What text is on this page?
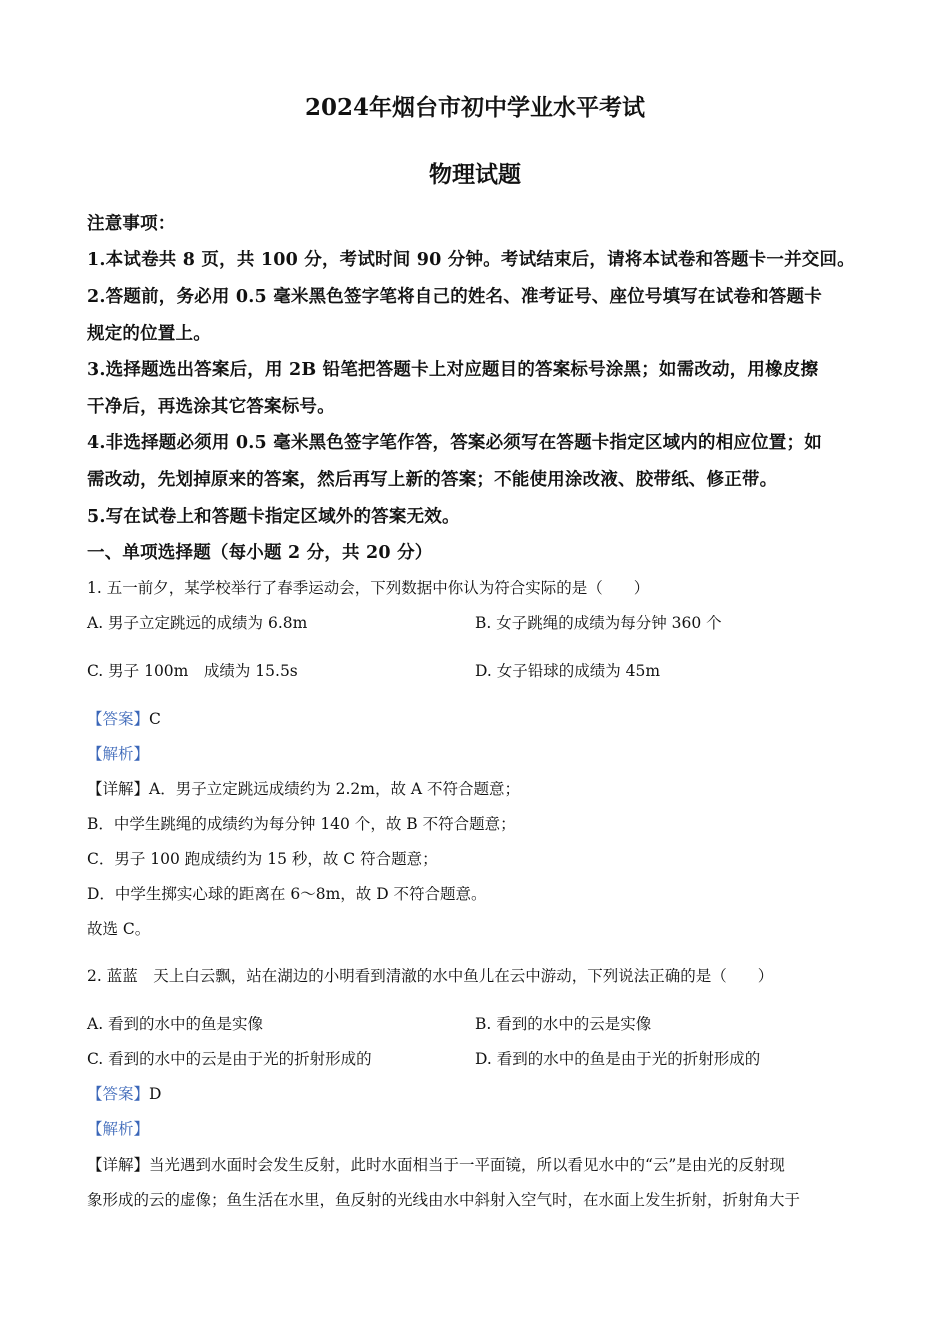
2024年烟台市初中学业水平考试
物理试题
注意事项：
1.本试卷共 8 页，共 100 分，考试时间 90 分钟。考试结束后，请将本试卷和答题卡一并交回。
2.答题前，务必用 0.5 毫米黑色签字笔将自己的姓名、准考证号、座位号填写在试卷和答题卡
规定的位置上。
3.选择题选出答案后，用 2B 铅笔把答题卡上对应题目的答案标号涂黑；如需改动，用橡皮擦
干净后，再选涂其它答案标号。
4.非选择题必须用 0.5 毫米黑色签字笔作答，答案必须写在答题卡指定区域内的相应位置；如
需改动，先划掉原来的答案，然后再写上新的答案；不能使用涂改液、胶带纸、修正带。
5.写在试卷上和答题卡指定区域外的答案无效。
一、单项选择题（每小题 2 分，共 20 分）
1. 五一前夕，某学校举行了春季运动会，下列数据中你认为符合实际的是（　　）
A. 男子立定跳远的成绩为 6.8m	B. 女子跳绳的成绩为每分钟 360 个
C. 男子 100m　成绩为 15.5s	D. 女子铅球的成绩为 45m
【答案】C
【解析】
【详解】A．男子立定跳远成绩约为 2.2m，故 A 不符合题意；
B．中学生跳绳的成绩约为每分钟 140 个，故 B 不符合题意；
C．男子 100 跑成绩约为 15 秒，故 C 符合题意；
D．中学生掷实心球的距离在 6～8m，故 D 不符合题意。
故选 C。
2. 蓝蓝　天上白云飘，站在湖边的小明看到清澈的水中鱼儿在云中游动，下列说法正确的是（　　）
A. 看到的水中的鱼是实像	B. 看到的水中的云是实像
C. 看到的水中的云是由于光的折射形成的	D. 看到的水中的鱼是由于光的折射形成的
【答案】D
【解析】
【详解】当光遇到水面时会发生反射，此时水面相当于一平面镜，所以看见水中的“云”是由光的反射现
象形成的云的虚像；鱼生活在水里，鱼反射的光线由水中斜射入空气时，在水面上发生折射，折射角大于
